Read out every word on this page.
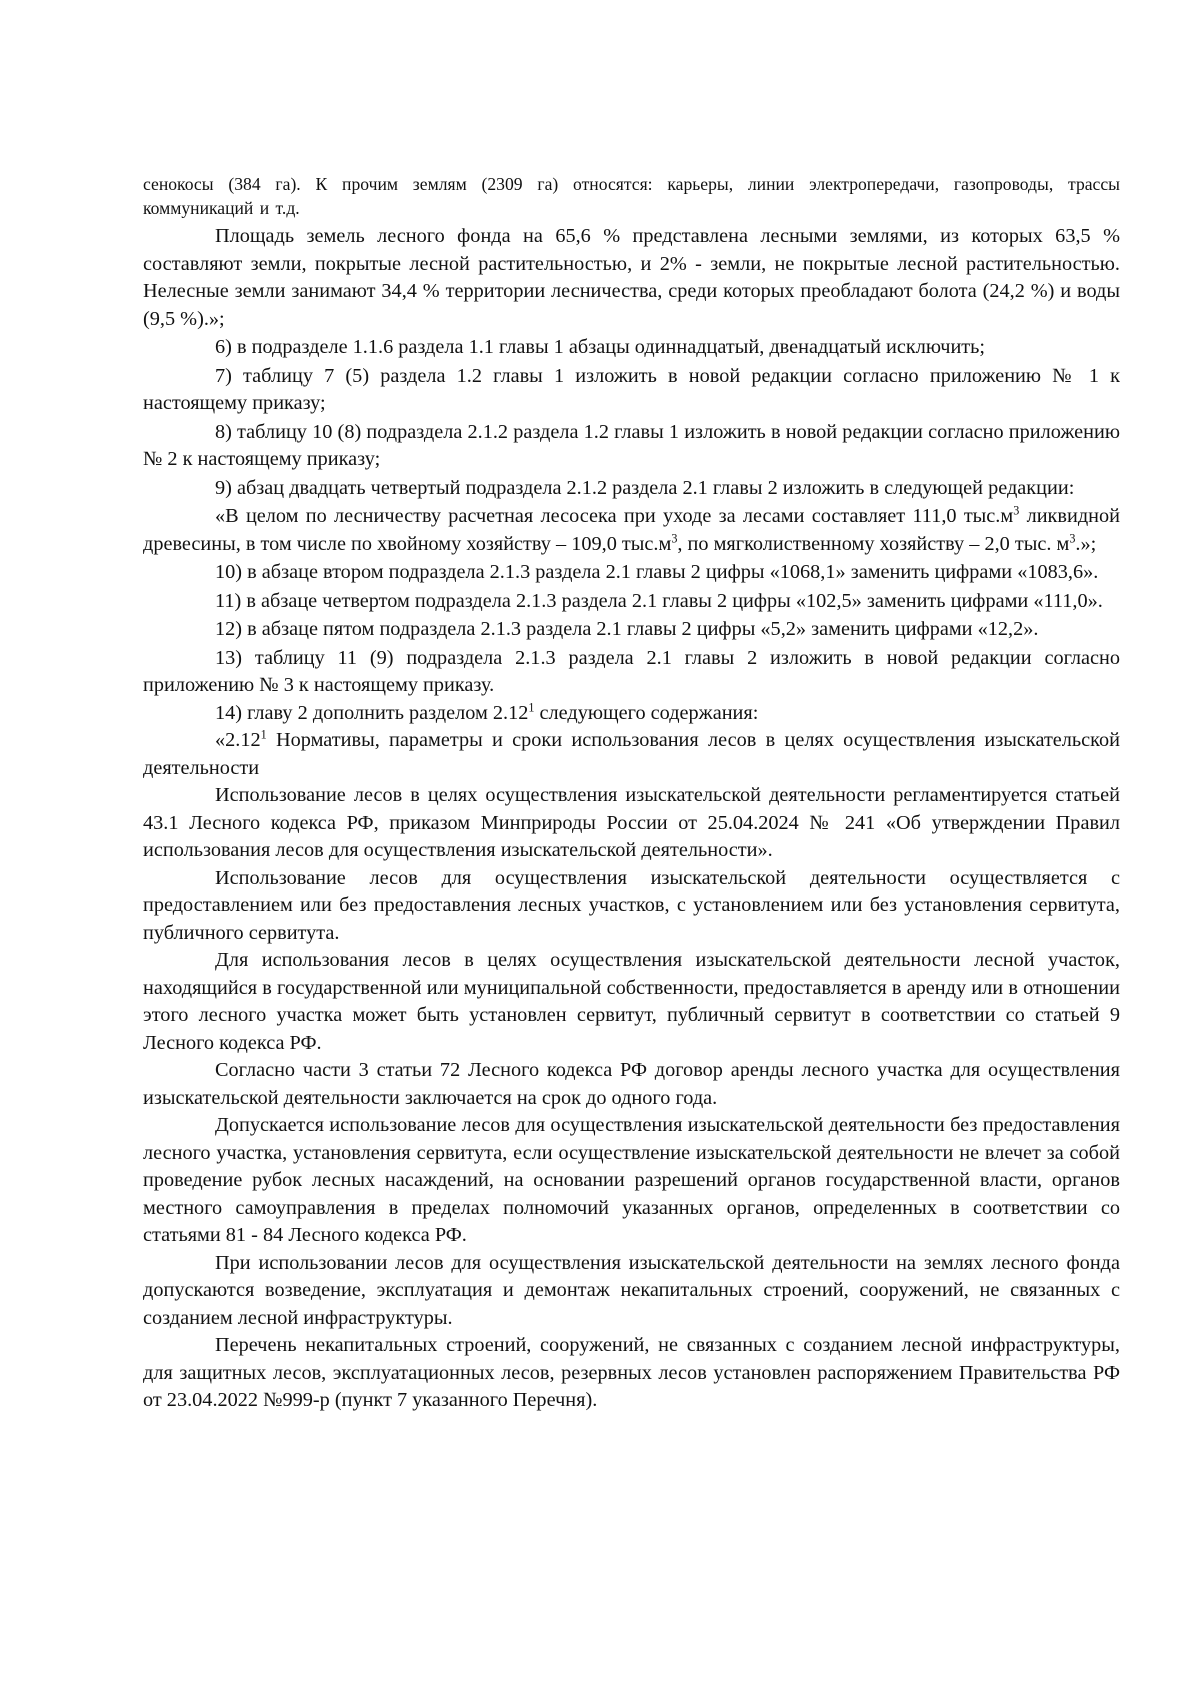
сенокосы (384 га). К прочим землям (2309 га) относятся: карьеры, линии электропередачи, газопроводы, трассы коммуникаций и т.д.

Площадь земель лесного фонда на 65,6 % представлена лесными землями, из которых 63,5 % составляют земли, покрытые лесной растительностью, и 2% - земли, не покрытые лесной растительностью. Нелесные земли занимают 34,4 % территории лесничества, среди которых преобладают болота (24,2 %) и воды (9,5 %).»;

6) в подразделе 1.1.6 раздела 1.1 главы 1 абзацы одиннадцатый, двенадцатый исключить;

7) таблицу 7 (5) раздела 1.2 главы 1 изложить в новой редакции согласно приложению № 1 к настоящему приказу;

8) таблицу 10 (8) подраздела 2.1.2 раздела 1.2 главы 1 изложить в новой редакции согласно приложению № 2 к настоящему приказу;

9) абзац двадцать четвертый подраздела 2.1.2 раздела 2.1 главы 2 изложить в следующей редакции:

«В целом по лесничеству расчетная лесосека при уходе за лесами составляет 111,0 $тыс.м^3$ ликвидной древесины, в том числе по хвойному хозяйству – 109,0 $тыс.м^3$, по мягколиственному хозяйству – 2,0 тыс. $м^3$.»;

10) в абзаце втором подраздела 2.1.3 раздела 2.1 главы 2 цифры «1068,1» заменить цифрами «1083,6».

11) в абзаце четвертом подраздела 2.1.3 раздела 2.1 главы 2 цифры «102,5» заменить цифрами «111,0».

12) в абзаце пятом подраздела 2.1.3 раздела 2.1 главы 2 цифры «5,2» заменить цифрами «12,2».

13) таблицу 11 (9) подраздела 2.1.3 раздела 2.1 главы 2 изложить в новой редакции согласно приложению № 3 к настоящему приказу.

14) главу 2 дополнить разделом 2.12$^1$ следующего содержания:

«2.12$^1$ Нормативы, параметры и сроки использования лесов в целях осуществления изыскательской деятельности

Использование лесов в целях осуществления изыскательской деятельности регламентируется статьей 43.1 Лесного кодекса РФ, приказом Минприроды России от 25.04.2024 № 241 «Об утверждении Правил использования лесов для осуществления изыскательской деятельности».

Использование лесов для осуществления изыскательской деятельности осуществляется с предоставлением или без предоставления лесных участков, с установлением или без установления сервитута, публичного сервитута.

Для использования лесов в целях осуществления изыскательской деятельности лесной участок, находящийся в государственной или муниципальной собственности, предоставляется в аренду или в отношении этого лесного участка может быть установлен сервитут, публичный сервитут в соответствии со статьей 9 Лесного кодекса РФ.

Согласно части 3 статьи 72 Лесного кодекса РФ договор аренды лесного участка для осуществления изыскательской деятельности заключается на срок до одного года.

Допускается использование лесов для осуществления изыскательской деятельности без предоставления лесного участка, установления сервитута, если осуществление изыскательской деятельности не влечет за собой проведение рубок лесных насаждений, на основании разрешений органов государственной власти, органов местного самоуправления в пределах полномочий указанных органов, определенных в соответствии со статьями 81 - 84 Лесного кодекса РФ.

При использовании лесов для осуществления изыскательской деятельности на землях лесного фонда допускаются возведение, эксплуатация и демонтаж некапитальных строений, сооружений, не связанных с созданием лесной инфраструктуры.

Перечень некапитальных строений, сооружений, не связанных с созданием лесной инфраструктуры, для защитных лесов, эксплуатационных лесов, резервных лесов установлен распоряжением Правительства РФ от 23.04.2022 №999-р (пункт 7 указанного Перечня).
